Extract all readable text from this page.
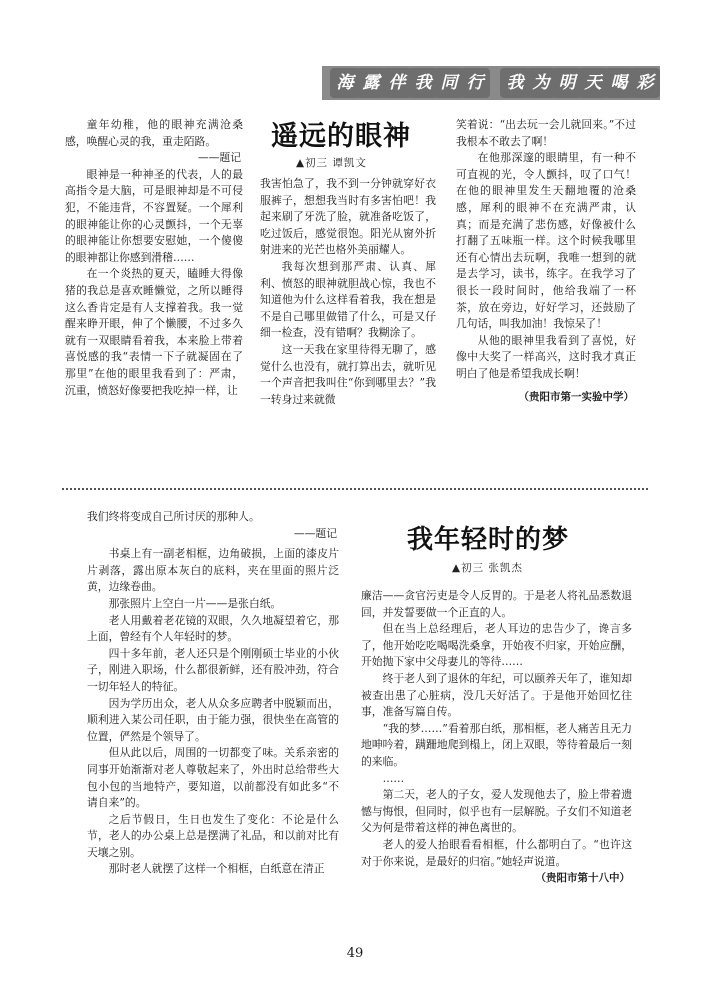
海 露 伴 我 同 行	我 为 明 天 喝 彩
遥远的眼神
▲初三 谭凯文

童年幼稚，他的眼神充满沧桑感，唤醒心灵的我，重走陌路。

——题记

眼神是一种神圣的代表，人的最高指令是大脑，可是眼神却是不可侵犯，不能违背，不容置疑。一个犀利的眼神能让你的心灵颤抖，一个无辜的眼神能让你想要安慰她，一个傻傻的眼神都让你感到滑稽……

在一个炎热的夏天，瞌睡大得像猪的我总是喜欢睡懒觉，之所以睡得这么香肯定是有人支撑着我。我一觉醒来睁开眼，伸了个懒腰，不过多久就有一双眼睛看着我，本来脸上带着喜悦感的我“表情一下子就凝固在了那里”在他的眼里我看到了：严肃，沉重，愤怒好像要把我吃掉一样，让

我害怕急了，我不到一分钟就穿好衣服裤子，想想我当时有多害怕吧！我起来刷了牙洗了脸，就准备吃饭了，吃过饭后，感觉很饱。阳光从窗外折射进来的光芒也格外美丽耀人。

我每次想到那严肃、认真、犀利、愤怒的眼神就胆战心惊，我也不知道他为什么这样看着我，我在想是不是自己哪里做错了什么，可是又仔细一检查，没有错啊？我糊涂了。

这一天我在家里待得无聊了，感觉什么也没有，就打算出去，就听见一个声音把我叫住“你到哪里去？”我一转身过来就微

笑着说：“出去玩一会儿就回来。”不过我根本不敢去了啊！

在他那深邃的眼睛里，有一种不可直视的光，令人颤抖，叹了口气！在他的眼神里发生天翻地覆的沧桑感，犀利的眼神不在充满严肃，认真；而是充满了悲伤感，好像被什么打翻了五味瓶一样。这个时候我哪里还有心情出去玩啊，我唯一想到的就是去学习，读书，练字。在我学习了很长一段时间时，他给我端了一杯茶，放在旁边，好好学习，还鼓励了几句话，叫我加油！我惊呆了！

从他的眼神里我看到了喜悦，好像中大奖了一样高兴，这时我才真正明白了他是希望我成长啊！

（贵阳市第一实验中学）

我们终将变成自己所讨厌的那种人。

——题记

书桌上有一副老相框，边角破损，上面的漆皮片片剥落，露出原本灰白的底料，夹在里面的照片泛黄，边缘卷曲。

那张照片上空白一片——是张白纸。

老人用戴着老花镜的双眼，久久地凝望着它，那上面，曾经有个人年轻时的梦。

四十多年前，老人还只是个刚刚硕士毕业的小伙子，刚进入职场，什么都很新鲜，还有股冲劲，符合一切年轻人的特征。

因为学历出众，老人从众多应聘者中脱颖而出，顺利进入某公司任职，由于能力强，很快坐在高管的位置，俨然是个领导了。

但从此以后，周围的一切都变了味。关系亲密的同事开始渐渐对老人尊敬起来了，外出时总给带些大包小包的当地特产，要知道，以前都没有如此多“不请自来”的。

之后节假日，生日也发生了变化：不论是什么节，老人的办公桌上总是摆满了礼品，和以前对比有天壤之别。

那时老人就摆了这样一个相框，白纸意在清正

我年轻时的梦
▲初三 张凯杰

廉洁——贪官污吏是令人反胃的。于是老人将礼品悉数退回，并发誓要做一个正直的人。

但在当上总经理后，老人耳边的忠告少了，谗言多了，他开始吃吃喝喝洗桑拿，开始夜不归家，开始应酬，开始抛下家中父母妻儿的等待……

终于老人到了退休的年纪，可以颐养天年了，谁知却被查出患了心脏病，没几天好活了。于是他开始回忆往事，准备写篇自传。

“我的梦……”看着那白纸，那相框，老人痛苦且无力地呻吟着，蹒跚地爬到榻上，闭上双眼，等待着最后一刻的来临。

……

第二天，老人的子女，爱人发现他去了，脸上带着遗憾与悔恨，但同时，似乎也有一层解脱。子女们不知道老父为何是带着这样的神色离世的。

老人的爱人抬眼看看相框，什么都明白了。“也许这对于你来说，是最好的归宿。”她轻声说道。

（贵阳市第十八中）

49
